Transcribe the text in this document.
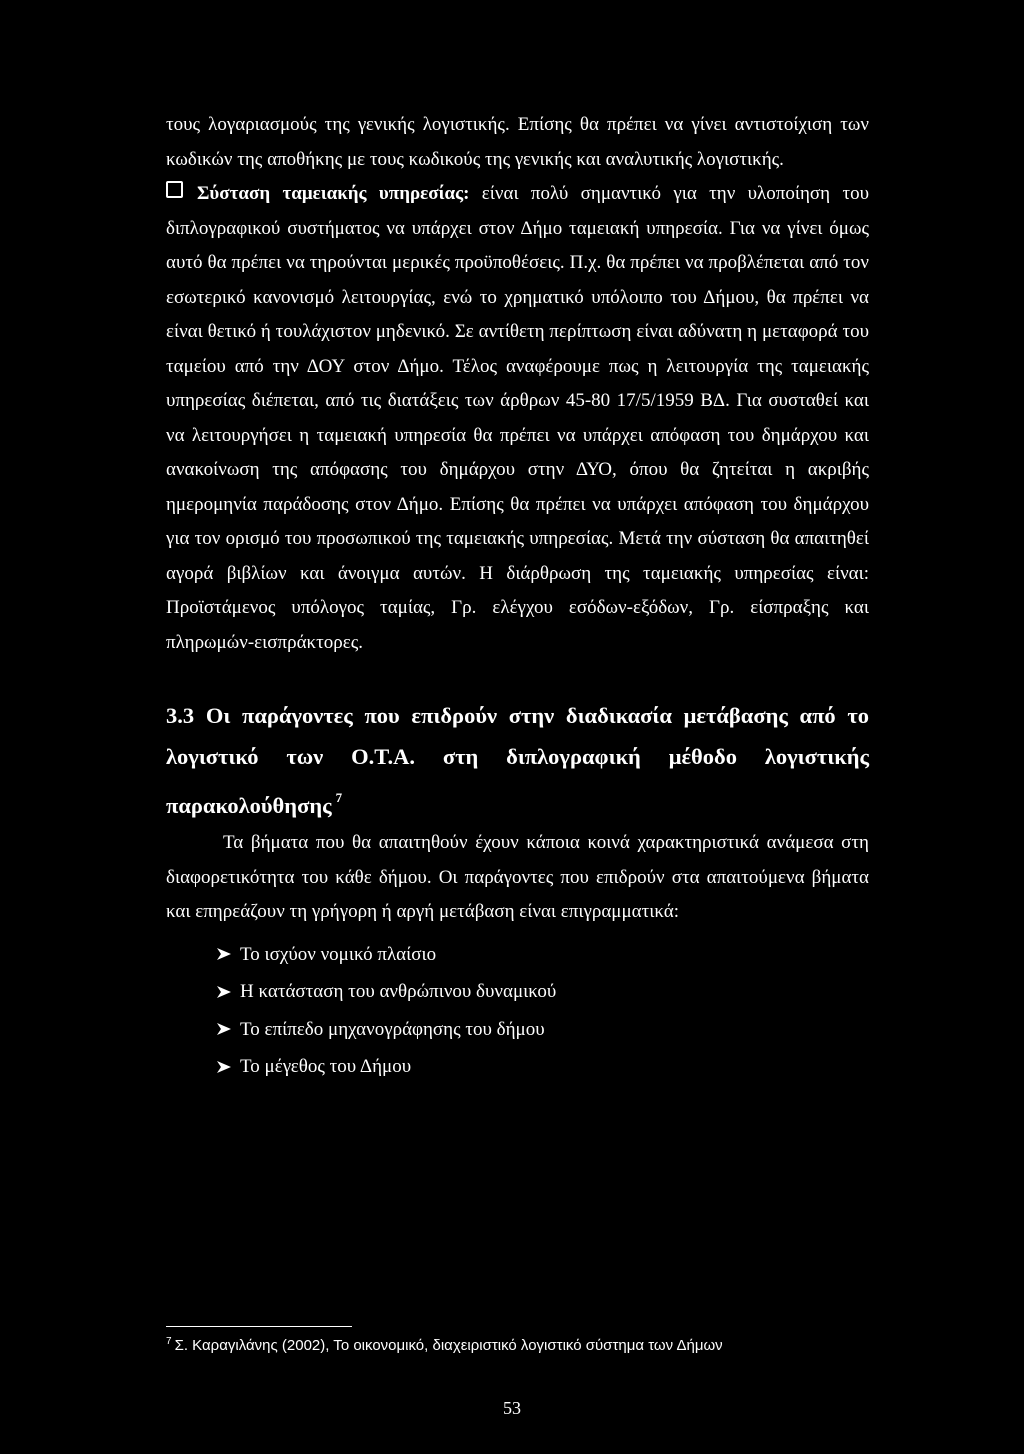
τους λογαριασμούς της γενικής λογιστικής. Επίσης θα πρέπει να γίνει αντιστοίχιση των κωδικών της αποθήκης με τους κωδικούς της γενικής και αναλυτικής λογιστικής.

Σύσταση ταμειακής υπηρεσίας: είναι πολύ σημαντικό για την υλοποίηση του διπλογραφικού συστήματος να υπάρχει στον Δήμο ταμειακή υπηρεσία. Για να γίνει όμως αυτό θα πρέπει να τηρούνται μερικές προϋποθέσεις. Π.χ. θα πρέπει να προβλέπεται από τον εσωτερικό κανονισμό λειτουργίας, ενώ το χρηματικό υπόλοιπο του Δήμου, θα πρέπει να είναι θετικό ή τουλάχιστον μηδενικό. Σε αντίθετη περίπτωση είναι αδύνατη η μεταφορά του ταμείου από την ΔΟΥ στον Δήμο. Τέλος αναφέρουμε πως η λειτουργία της ταμειακής υπηρεσίας διέπεται, από τις διατάξεις των άρθρων 45-80 17/5/1959 ΒΔ. Για συσταθεί και να λειτουργήσει η ταμειακή υπηρεσία θα πρέπει να υπάρχει απόφαση του δημάρχου και ανακοίνωση της απόφασης του δημάρχου στην ΔΥΟ, όπου θα ζητείται η ακριβής ημερομηνία παράδοσης στον Δήμο. Επίσης θα πρέπει να υπάρχει απόφαση του δημάρχου για τον ορισμό του προσωπικού της ταμειακής υπηρεσίας. Μετά την σύσταση θα απαιτηθεί αγορά βιβλίων και άνοιγμα αυτών. Η διάρθρωση της ταμειακής υπηρεσίας είναι: Προϊστάμενος υπόλογος ταμίας, Γρ. ελέγχου εσόδων-εξόδων, Γρ. είσπραξης και πληρωμών-εισπράκτορες.

3.3 Οι παράγοντες που επιδρούν στην διαδικασία μετάβασης από το λογιστικό των Ο.Τ.Α. στη διπλογραφική μέθοδο λογιστικής παρακολούθησης $^7$

Τα βήματα που θα απαιτηθούν έχουν κάποια κοινά χαρακτηριστικά ανάμεσα στη διαφορετικότητα του κάθε δήμου. Οι παράγοντες που επιδρούν στα απαιτούμενα βήματα και επηρεάζουν τη γρήγορη ή αργή μετάβαση είναι επιγραμματικά:

Το ισχύον νομικό πλαίσιο
Η κατάσταση του ανθρώπινου δυναμικού
Το επίπεδο μηχανογράφησης του δήμου
Το μέγεθος του Δήμου
$^7$ Σ. Καραγιλάνης (2002), Το οικονομικό, διαχειριστικό λογιστικό σύστημα των Δήμων
53
